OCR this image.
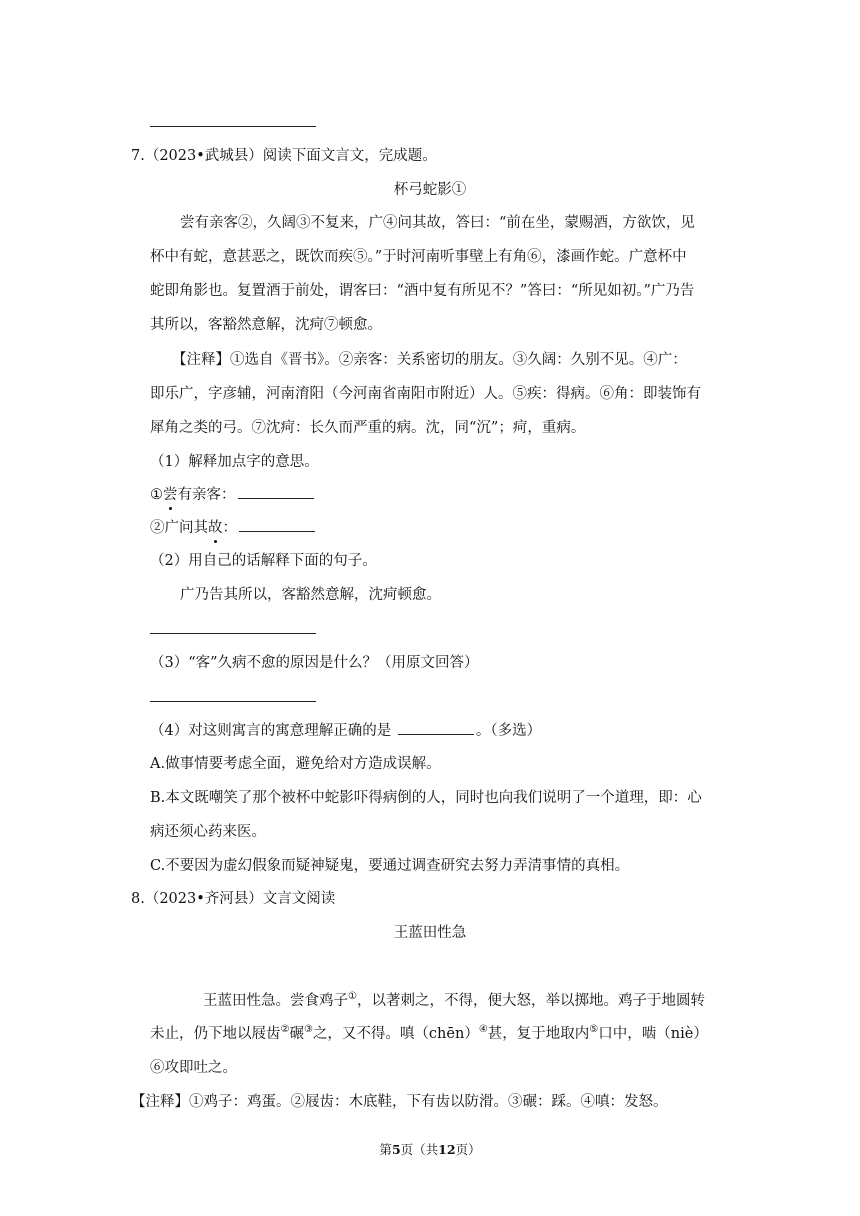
7.（2023•武城县）阅读下面文言文，完成题。
杯弓蛇影①
尝有亲客②，久阔③不复来，广④问其故，答曰：“前在坐，蒙赐酒，方欲饮，见
杯中有蛇，意甚恶之，既饮而疾⑤。”于时河南听事壁上有角⑥，漆画作蛇。广意杯中
蛇即角影也。复置酒于前处，谓客曰：“酒中复有所见不？”答曰：“所见如初。”广乃告
其所以，客豁然意解，沈疴⑦顿愈。
【注释】①选自《晋书》。②亲客：关系密切的朋友。③久阔：久别不见。④广：
即乐广，字彦辅，河南淯阳（今河南省南阳市附近）人。⑤疾：得病。⑥角：即装饰有
犀角之类的弓。⑦沈疴：长久而严重的病。沈，同“沉”；疴，重病。
（1）解释加点字的意思。
①尝有亲客：
②广问其故：
（2）用自己的话解释下面的句子。
广乃告其所以，客豁然意解，沈疴顿愈。
（3）“客”久病不愈的原因是什么？（用原文回答）
（4）对这则寓言的寓意理解正确的是	。（多选）
A.做事情要考虑全面，避免给对方造成误解。
B.本文既嘲笑了那个被杯中蛇影吓得病倒的人，同时也向我们说明了一个道理，即：心
病还须心药来医。
C.不要因为虚幻假象而疑神疑鬼，要通过调查研究去努力弄清事情的真相。
8.（2023•齐河县）文言文阅读
王蓝田性急
王蓝田性急。尝食鸡子①，以著刺之，不得，便大怒，举以掷地。鸡子于地圆转
未止，仍下地以屐齿②碾③之，又不得。嗔（chēn）④甚，复于地取内⑤口中，啮（niè）
⑥攻即吐之。
【注释】①鸡子：鸡蛋。②屐齿：木底鞋，下有齿以防滑。③碾：踩。④嗔：发怒。
第5页（共12页）
